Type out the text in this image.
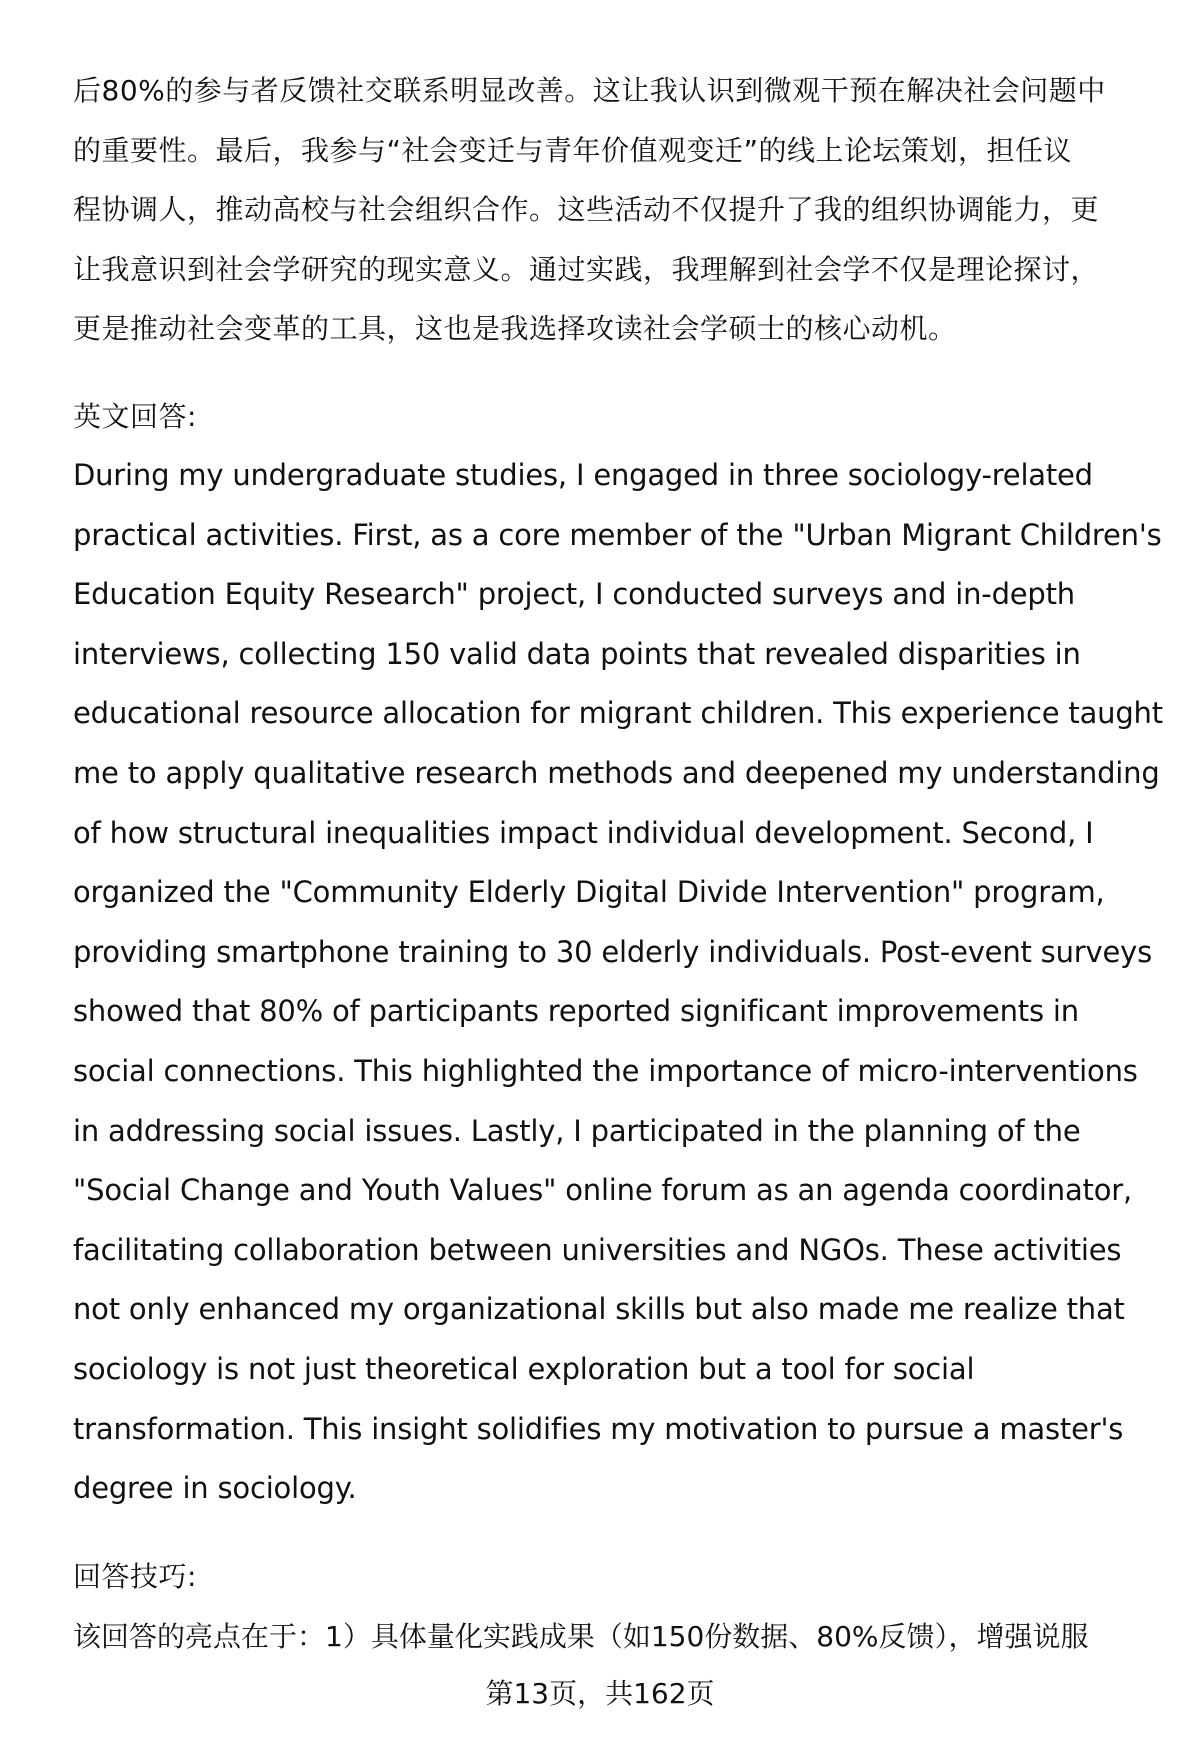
后80%的参与者反馈社交联系明显改善。这让我认识到微观干预在解决社会问题中
的重要性。最后，我参与“社会变迁与青年价值观变迁”的线上论坛策划，担任议
程协调人，推动高校与社会组织合作。这些活动不仅提升了我的组织协调能力，更
让我意识到社会学研究的现实意义。通过实践，我理解到社会学不仅是理论探讨，
更是推动社会变革的工具，这也是我选择攻读社会学硕士的核心动机。
英文回答:
During my undergraduate studies, I engaged in three sociology-related
practical activities. First, as a core member of the "Urban Migrant Children's
Education Equity Research" project, I conducted surveys and in-depth
interviews, collecting 150 valid data points that revealed disparities in
educational resource allocation for migrant children. This experience taught
me to apply qualitative research methods and deepened my understanding
of how structural inequalities impact individual development. Second, I
organized the "Community Elderly Digital Divide Intervention" program,
providing smartphone training to 30 elderly individuals. Post-event surveys
showed that 80% of participants reported significant improvements in
social connections. This highlighted the importance of micro-interventions
in addressing social issues. Lastly, I participated in the planning of the
"Social Change and Youth Values" online forum as an agenda coordinator,
facilitating collaboration between universities and NGOs. These activities
not only enhanced my organizational skills but also made me realize that
sociology is not just theoretical exploration but a tool for social
transformation. This insight solidifies my motivation to pursue a master's
degree in sociology.
回答技巧:
该回答的亮点在于：1）具体量化实践成果（如150份数据、80%反馈），增强说服
第13页，共162页
